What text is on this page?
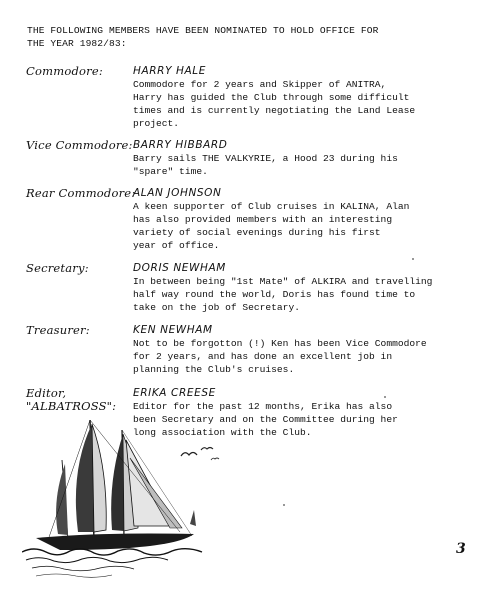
THE FOLLOWING MEMBERS HAVE BEEN NOMINATED TO HOLD OFFICE FOR
THE YEAR 1982/83:
Commodore:	HARRY HALE
Commodore for 2 years and Skipper of ANITRA,
Harry has guided the Club through some difficult
times and is currently negotiating the Land Lease
project.
Vice Commodore: BARRY HIBBARD
Barry sails THE VALKYRIE, a Hood 23 during his
"spare" time.
Rear Commodore:
ALAN JOHNSON
A keen supporter of Club cruises in KALINA, Alan
has also provided members with an interesting
variety of social evenings during his first
year of office.
Secretary:	DORIS NEWHAM
In between being "1st Mate" of ALKIRA and travelling
half way round the world, Doris has found time to
take on the job of Secretary.
Treasurer:	KEN NEWHAM
Not to be forgotton (!) Ken has been Vice Commodore
for 2 years, and has done an excellent job in
planning the Club's cruises.
Editor,
"ALBATROSS":
ERIKA CREESE
Editor for the past 12 months, Erika has also
been Secretary and on the Committee during her
long association with the Club.
3
